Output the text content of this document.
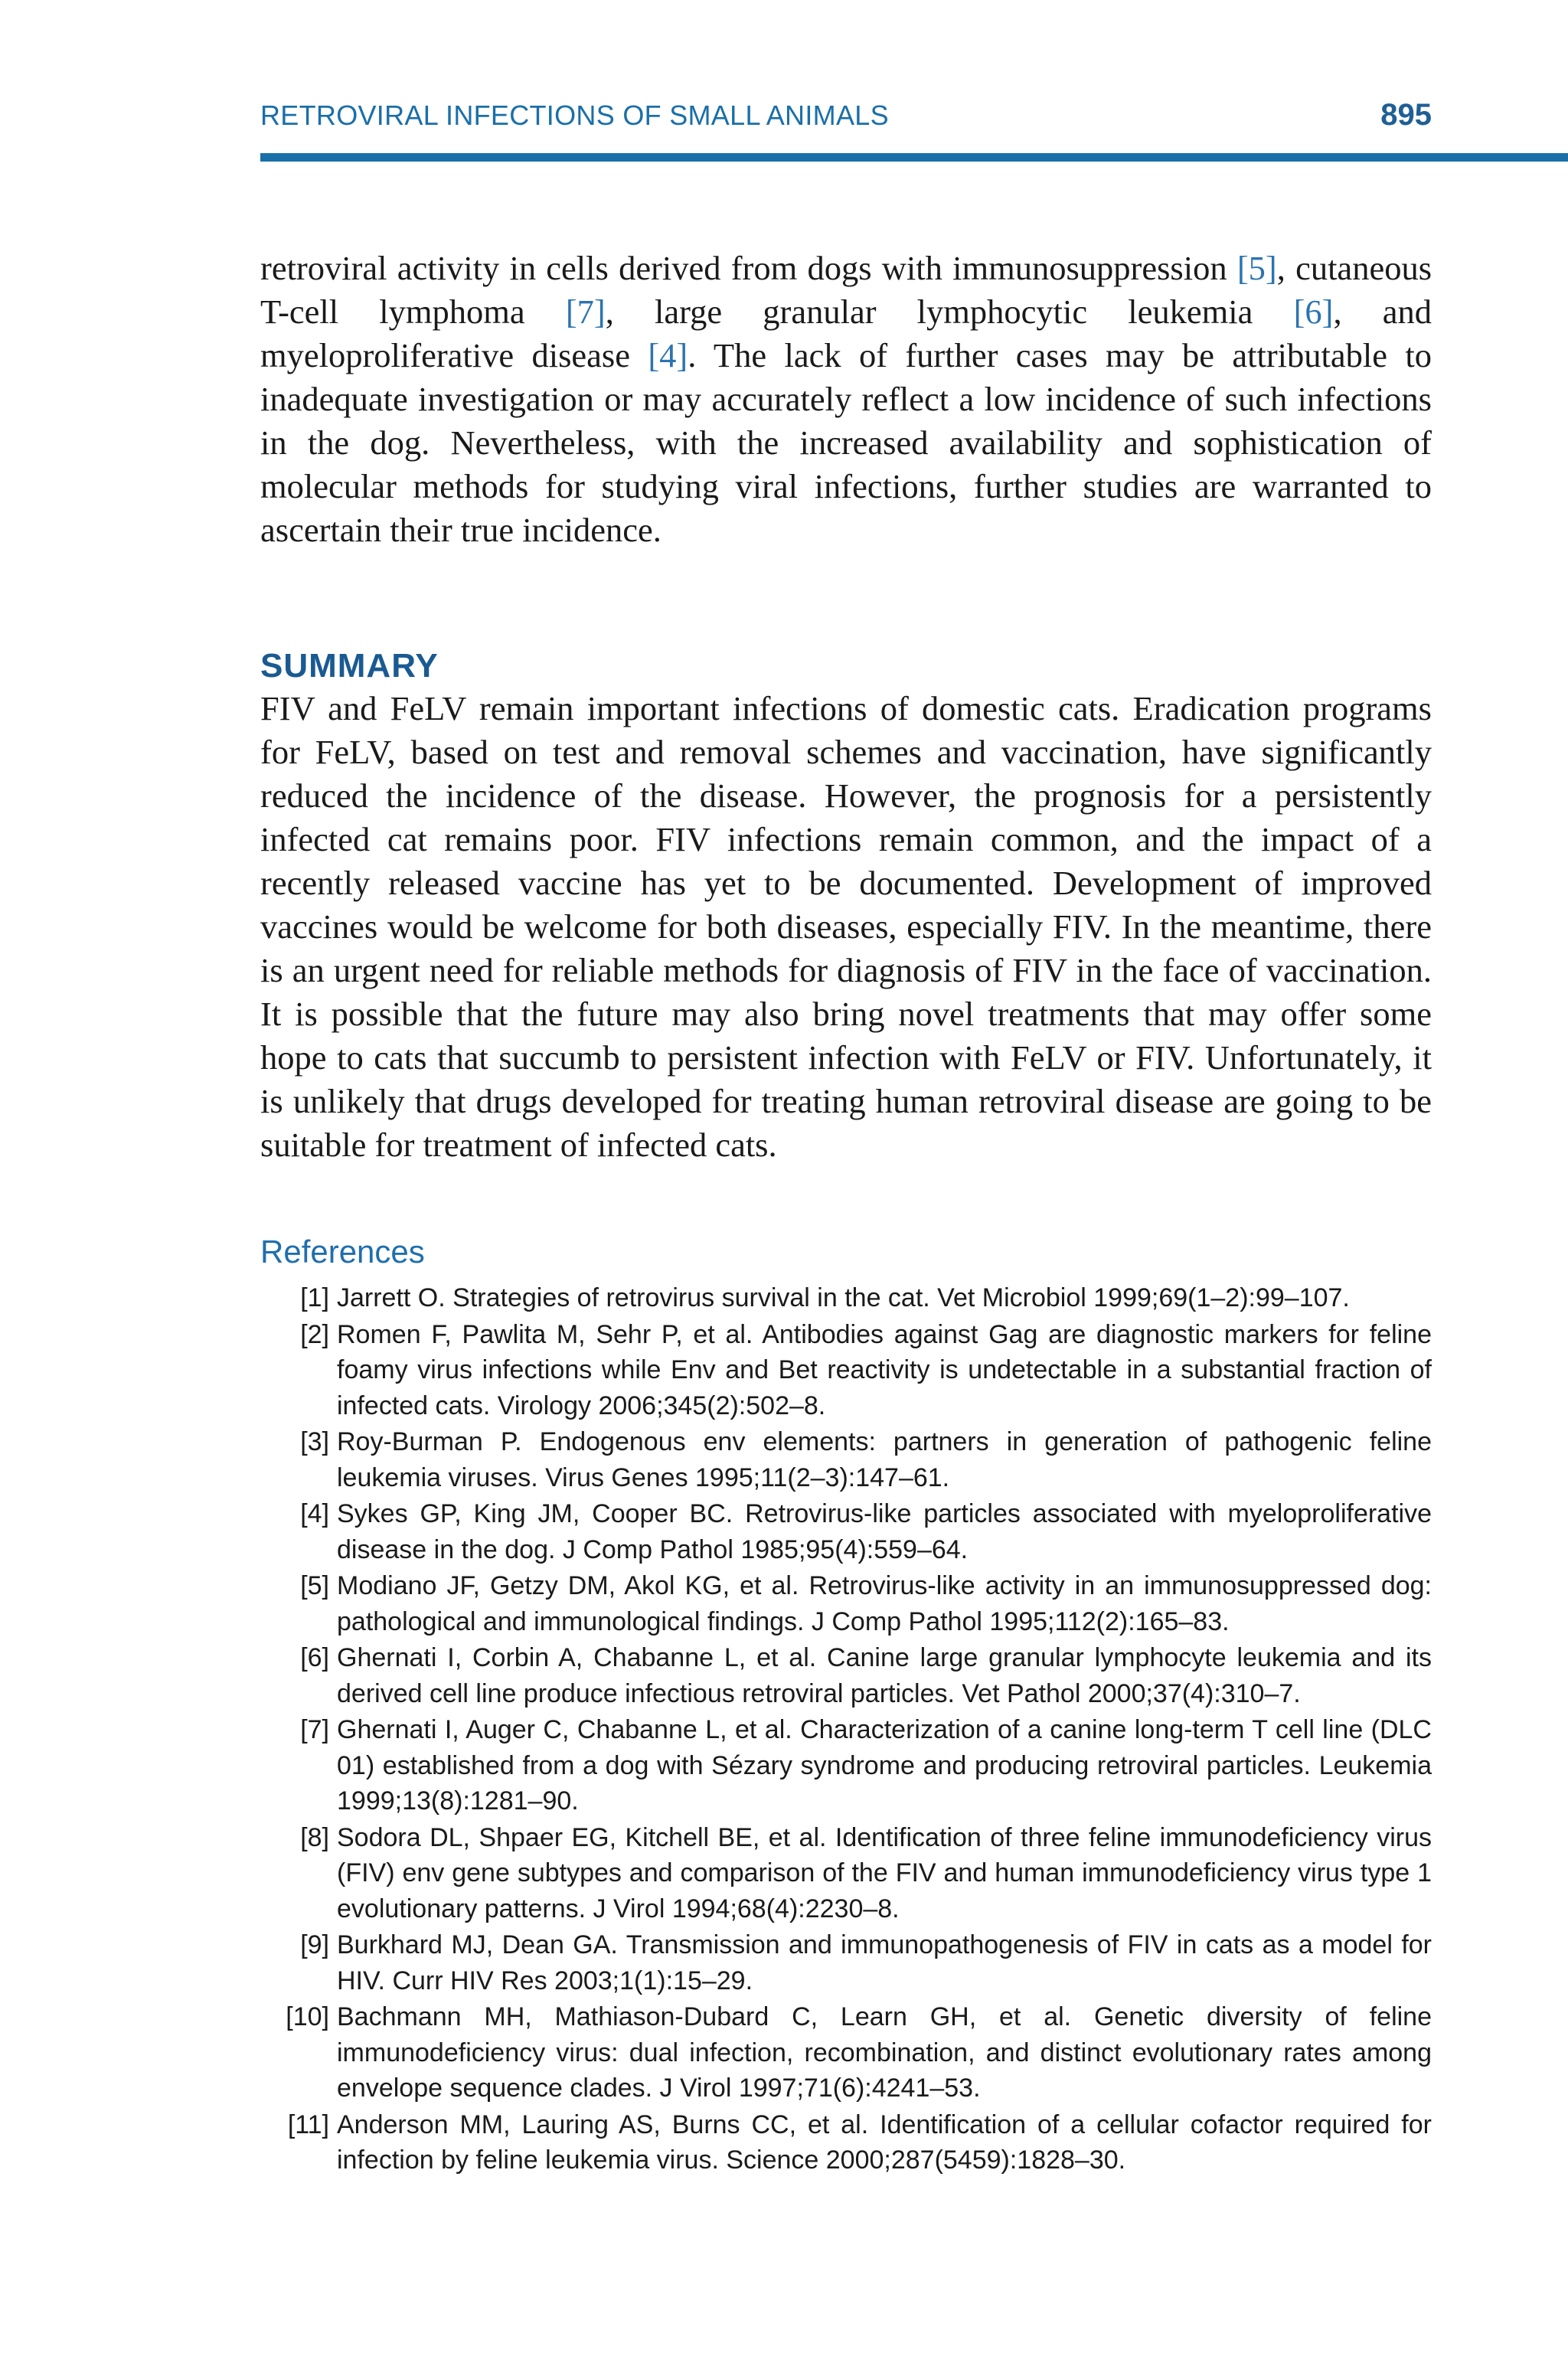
RETROVIRAL INFECTIONS OF SMALL ANIMALS	895

retroviral activity in cells derived from dogs with immunosuppression [5], cutaneous T-cell lymphoma [7], large granular lymphocytic leukemia [6], and myeloproliferative disease [4]. The lack of further cases may be attributable to inadequate investigation or may accurately reflect a low incidence of such infections in the dog. Nevertheless, with the increased availability and sophistication of molecular methods for studying viral infections, further studies are warranted to ascertain their true incidence.

SUMMARY

FIV and FeLV remain important infections of domestic cats. Eradication programs for FeLV, based on test and removal schemes and vaccination, have significantly reduced the incidence of the disease. However, the prognosis for a persistently infected cat remains poor. FIV infections remain common, and the impact of a recently released vaccine has yet to be documented. Development of improved vaccines would be welcome for both diseases, especially FIV. In the meantime, there is an urgent need for reliable methods for diagnosis of FIV in the face of vaccination. It is possible that the future may also bring novel treatments that may offer some hope to cats that succumb to persistent infection with FeLV or FIV. Unfortunately, it is unlikely that drugs developed for treating human retroviral disease are going to be suitable for treatment of infected cats.

References
[1] Jarrett O. Strategies of retrovirus survival in the cat. Vet Microbiol 1999;69(1–2):99–107.
[2] Romen F, Pawlita M, Sehr P, et al. Antibodies against Gag are diagnostic markers for feline foamy virus infections while Env and Bet reactivity is undetectable in a substantial fraction of infected cats. Virology 2006;345(2):502–8.
[3] Roy-Burman P. Endogenous env elements: partners in generation of pathogenic feline leukemia viruses. Virus Genes 1995;11(2–3):147–61.
[4] Sykes GP, King JM, Cooper BC. Retrovirus-like particles associated with myeloproliferative disease in the dog. J Comp Pathol 1985;95(4):559–64.
[5] Modiano JF, Getzy DM, Akol KG, et al. Retrovirus-like activity in an immunosuppressed dog: pathological and immunological findings. J Comp Pathol 1995;112(2):165–83.
[6] Ghernati I, Corbin A, Chabanne L, et al. Canine large granular lymphocyte leukemia and its derived cell line produce infectious retroviral particles. Vet Pathol 2000;37(4):310–7.
[7] Ghernati I, Auger C, Chabanne L, et al. Characterization of a canine long-term T cell line (DLC 01) established from a dog with Sézary syndrome and producing retroviral particles. Leukemia 1999;13(8):1281–90.
[8] Sodora DL, Shpaer EG, Kitchell BE, et al. Identification of three feline immunodeficiency virus (FIV) env gene subtypes and comparison of the FIV and human immunodeficiency virus type 1 evolutionary patterns. J Virol 1994;68(4):2230–8.
[9] Burkhard MJ, Dean GA. Transmission and immunopathogenesis of FIV in cats as a model for HIV. Curr HIV Res 2003;1(1):15–29.
[10] Bachmann MH, Mathiason-Dubard C, Learn GH, et al. Genetic diversity of feline immunodeficiency virus: dual infection, recombination, and distinct evolutionary rates among envelope sequence clades. J Virol 1997;71(6):4241–53.
[11] Anderson MM, Lauring AS, Burns CC, et al. Identification of a cellular cofactor required for infection by feline leukemia virus. Science 2000;287(5459):1828–30.
